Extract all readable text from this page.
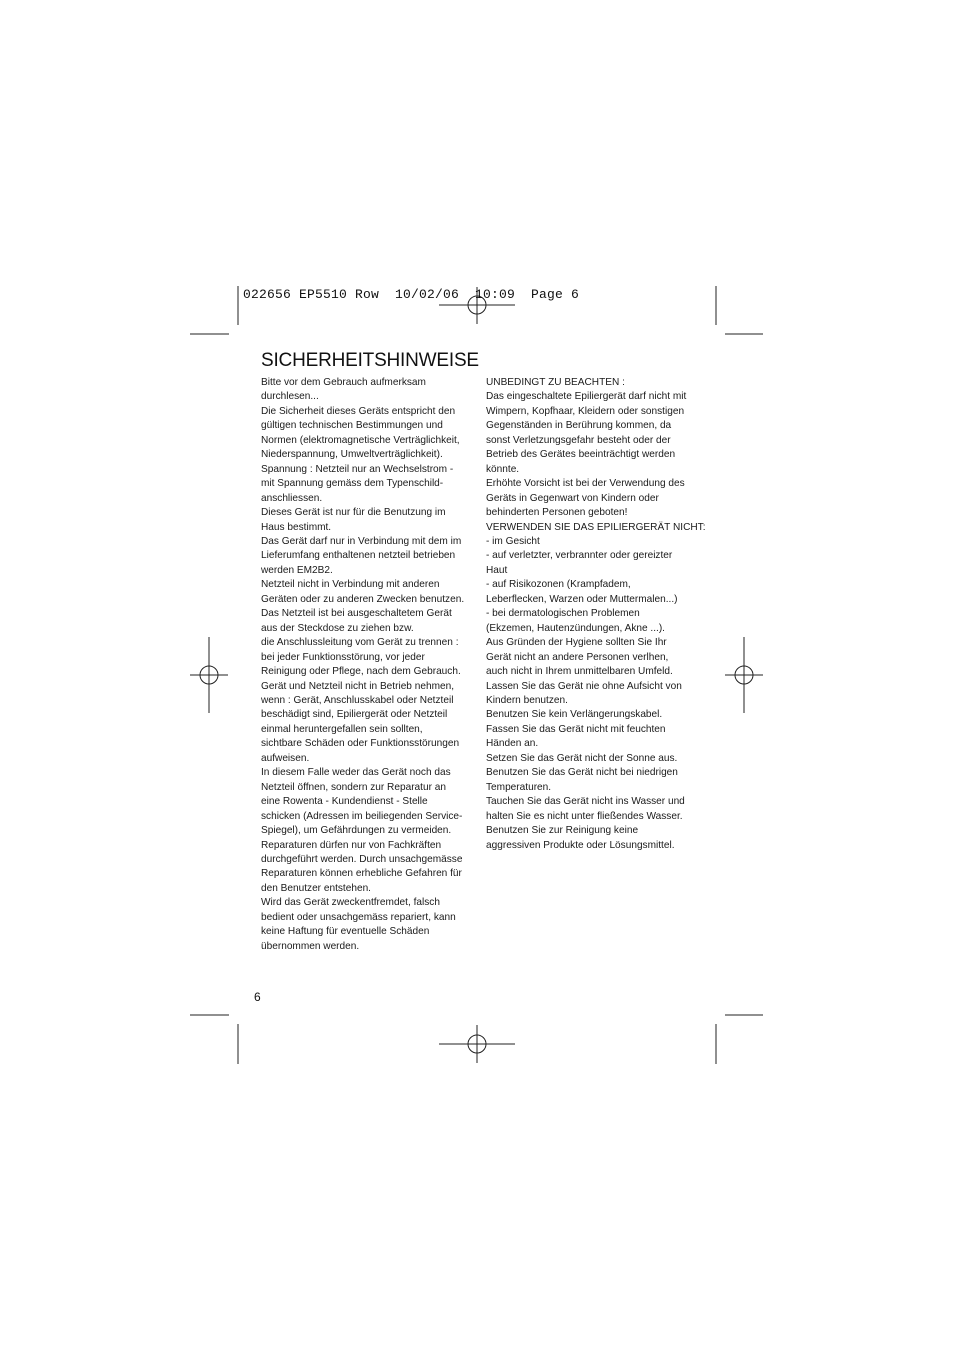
022656 EP5510 Row  10/02/06  10:09  Page 6
SICHERHEITSHINWEISE
Bitte vor dem Gebrauch aufmerksam
durchlesen...
Die Sicherheit dieses Geräts entspricht den
gültigen technischen Bestimmungen und
Normen (elektromagnetische Verträglichkeit,
Niederspannung, Umweltverträglichkeit).
Spannung : Netzteil nur an Wechselstrom -
mit Spannung gemäss dem Typenschild-
anschliessen.
Dieses Gerät ist nur für die Benutzung im
Haus bestimmt.
Das Gerät darf nur in Verbindung mit dem im
Lieferumfang enthaltenen netzteil betrieben
werden EM2B2.
Netzteil nicht in Verbindung mit anderen
Geräten oder zu anderen Zwecken benutzen.
Das Netzteil ist bei ausgeschaltetem Gerät
aus der Steckdose zu ziehen bzw.
die Anschlussleitung vom Gerät zu trennen :
bei jeder Funktionsstörung, vor jeder
Reinigung oder Pflege, nach dem Gebrauch.
Gerät und Netzteil nicht in Betrieb nehmen,
wenn : Gerät, Anschlusskabel oder Netzteil
beschädigt sind, Epiliergerät oder Netzteil
einmal heruntergefallen sein sollten,
sichtbare Schäden oder Funktionsstörungen
aufweisen.
In diesem Falle weder das Gerät noch das
Netzteil öffnen, sondern zur Reparatur an
eine Rowenta - Kundendienst - Stelle
schicken (Adressen im beiliegenden Service-
Spiegel), um Gefährdungen zu vermeiden.
Reparaturen dürfen nur von Fachkräften
durchgeführt werden. Durch unsachgemässe
Reparaturen können erhebliche Gefahren für
den Benutzer entstehen.
Wird das Gerät zweckentfremdet, falsch
bedient oder unsachgemäss repariert, kann
keine Haftung für eventuelle Schäden
übernommen werden.
UNBEDINGT ZU BEACHTEN :
Das eingeschaltete Epiliergerät darf nicht mit
Wimpern, Kopfhaar, Kleidern oder sonstigen
Gegenständen in Berührung kommen, da
sonst Verletzungsgefahr besteht oder der
Betrieb des Gerätes beeinträchtigt werden
könnte.
Erhöhte Vorsicht ist bei der Verwendung des
Geräts in Gegenwart von Kindern oder
behinderten Personen geboten!
VERWENDEN SIE DAS EPILIERGERÄT NICHT:
- im Gesicht
- auf verletzter, verbrannter oder gereizter
Haut
- auf Risikozonen (Krampfadem,
Leberflecken, Warzen oder Muttermalen...)
- bei dermatologischen Problemen
(Ekzemen, Hautenzündungen, Akne ...).
Aus Gründen der Hygiene sollten Sie Ihr
Gerät nicht an andere Personen verlhen,
auch nicht in Ihrem unmittelbaren Umfeld.
Lassen Sie das Gerät nie ohne Aufsicht von
Kindern benutzen.
Benutzen Sie kein Verlängerungskabel.
Fassen Sie das Gerät nicht mit feuchten
Händen an.
Setzen Sie das Gerät nicht der Sonne aus.
Benutzen Sie das Gerät nicht bei niedrigen
Temperaturen.
Tauchen Sie das Gerät nicht ins Wasser und
halten Sie es nicht unter fließendes Wasser.
Benutzen Sie zur Reinigung keine
aggressiven Produkte oder Lösungsmittel.
6
